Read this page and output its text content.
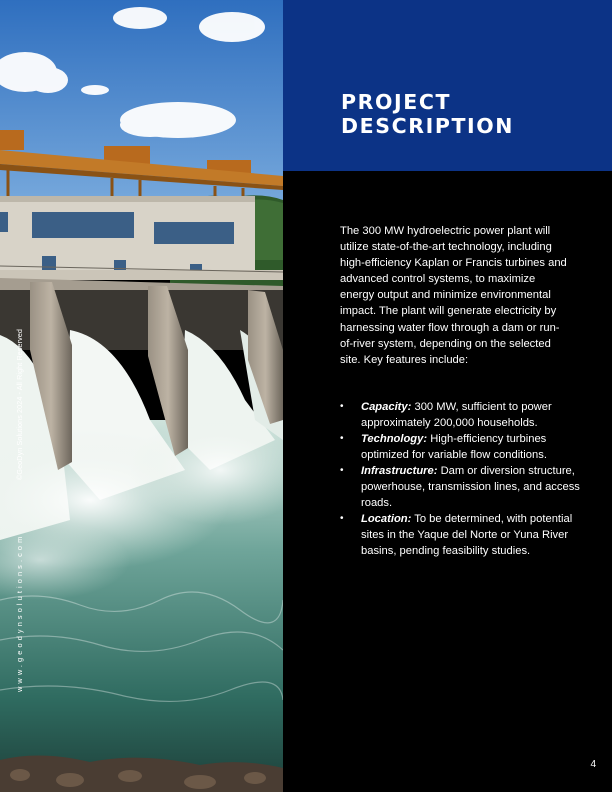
©GeoDyn Solutions 2024 - All Right Reserved
www.geodynsolutions.com
PROJECT
DESCRIPTION

The 300 MW hydroelectric power plant will utilize state-of-the-art technology, including high-efficiency Kaplan or Francis turbines and advanced control systems, to maximize energy output and minimize environmental impact. The plant will generate electricity by harnessing water flow through a dam or run-of-river system, depending on the selected site. Key features include:

• Capacity: 300 MW, sufficient to power approximately 200,000 households.
• Technology: High-efficiency turbines optimized for variable flow conditions.
• Infrastructure: Dam or diversion structure, powerhouse, transmission lines, and access roads.
• Location: To be determined, with potential sites in the Yaque del Norte or Yuna River basins, pending feasibility studies.
4
